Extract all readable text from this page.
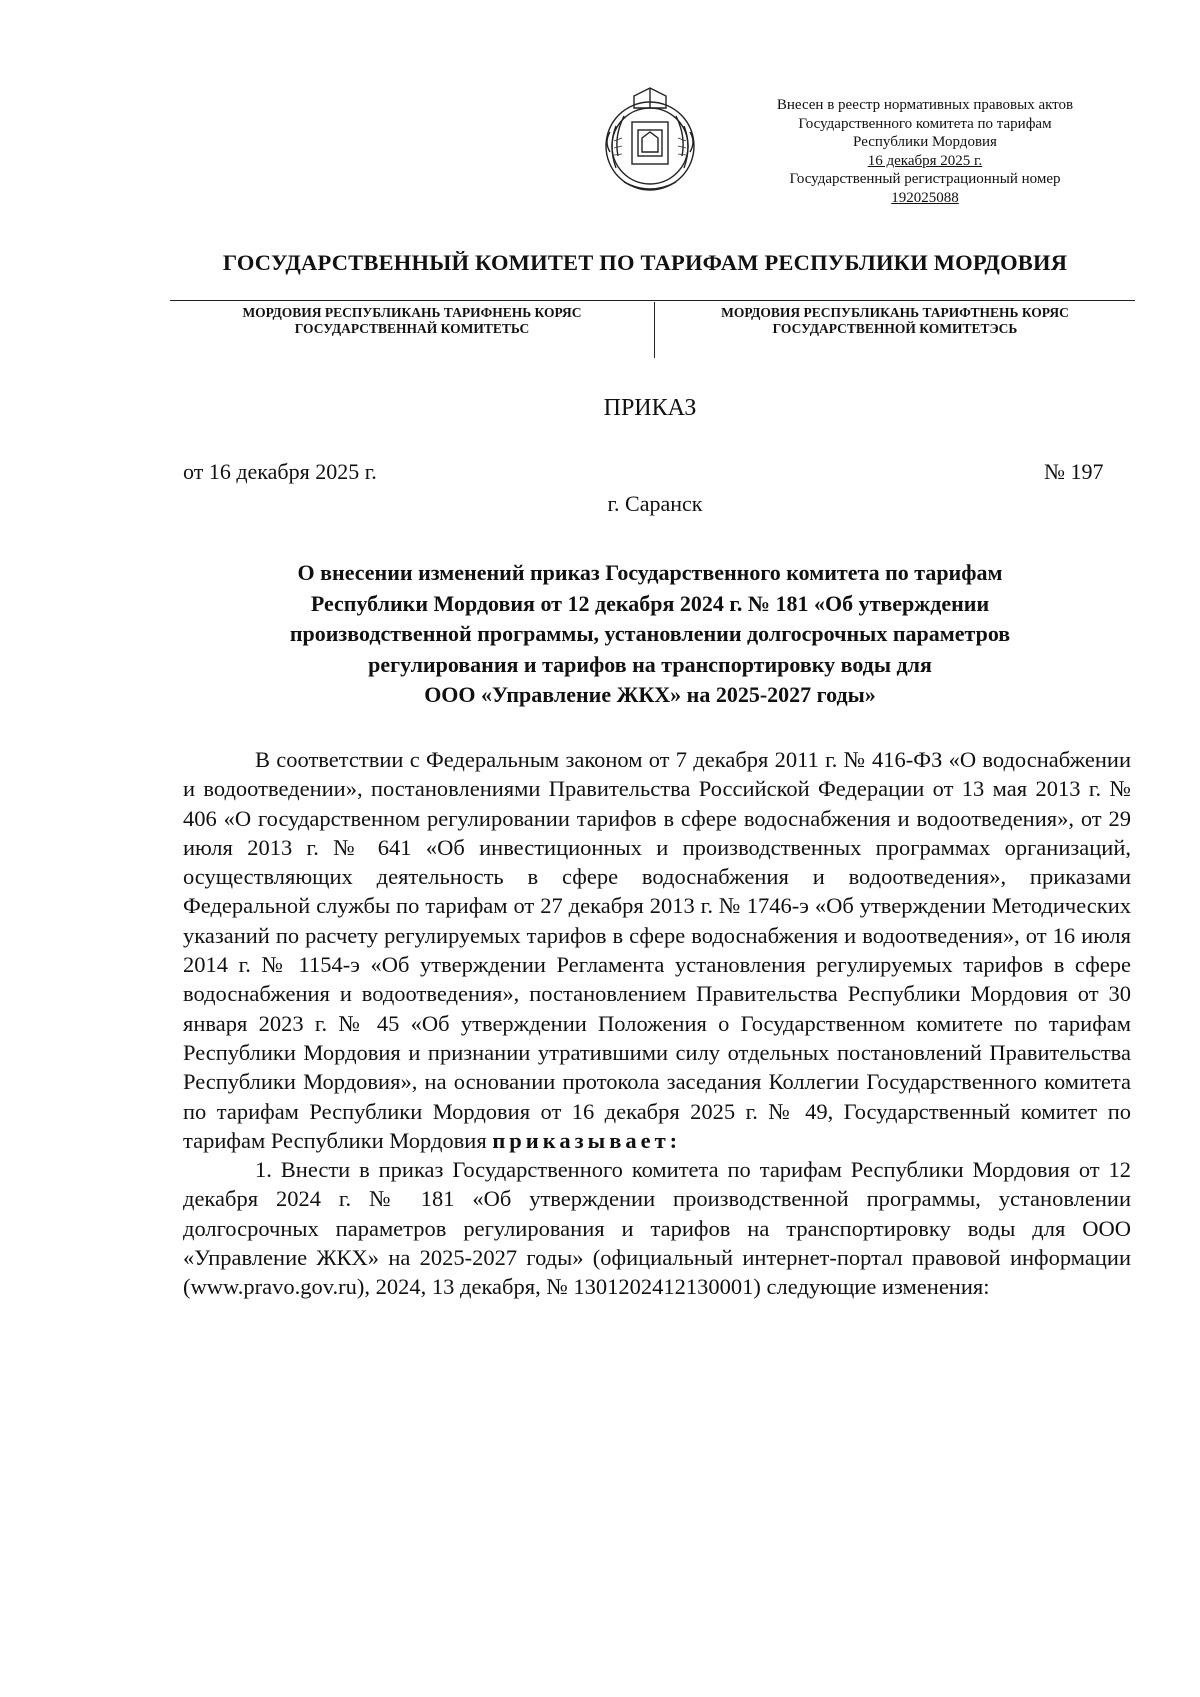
Внесен в реестр нормативных правовых актов
Государственного комитета по тарифам
Республики Мордовия
16 декабря 2025 г.
Государственный регистрационный номер
192025088
ГОСУДАРСТВЕННЫЙ КОМИТЕТ ПО ТАРИФАМ РЕСПУБЛИКИ МОРДОВИЯ
МОРДОВИЯ РЕСПУБЛИКАНЬ ТАРИФНЕНЬ КОРЯС
ГОСУДАРСТВЕННАЙ КОМИТЕТЬС
МОРДОВИЯ РЕСПУБЛИКАНЬ ТАРИФТНЕНЬ КОРЯС
ГОСУДАРСТВЕННОЙ КОМИТЕТЭСЬ
ПРИКАЗ
от 16 декабря 2025 г.	№ 197
г. Саранск
О внесении изменений приказ Государственного комитета по тарифам
Республики Мордовия от 12 декабря 2024 г. № 181 «Об утверждении
производственной программы, установлении долгосрочных параметров
регулирования и тарифов на транспортировку воды для
ООО «Управление ЖКХ» на 2025-2027 годы»

В соответствии с Федеральным законом от 7 декабря 2011 г. № 416-ФЗ «О водоснабжении и водоотведении», постановлениями Правительства Российской Федерации от 13 мая 2013 г. № 406 «О государственном регулировании тарифов в сфере водоснабжения и водоотведения», от 29 июля 2013 г. № 641 «Об инвестиционных и производственных программах организаций, осуществляющих деятельность в сфере водоснабжения и водоотведения», приказами Федеральной службы по тарифам от 27 декабря 2013 г. № 1746-э «Об утверждении Методических указаний по расчету регулируемых тарифов в сфере водоснабжения и водоотведения», от 16 июля 2014 г. № 1154-э «Об утверждении Регламента установления регулируемых тарифов в сфере водоснабжения и водоотведения», постановлением Правительства Республики Мордовия от 30 января 2023 г. № 45 «Об утверждении Положения о Государственном комитете по тарифам Республики Мордовия и признании утратившими силу отдельных постановлений Правительства Республики Мордовия», на основании протокола заседания Коллегии Государственного комитета по тарифам Республики Мордовия от 16 декабря 2025 г. № 49, Государственный комитет по тарифам Республики Мордовия приказывает:

1. Внести в приказ Государственного комитета по тарифам Республики Мордовия от 12 декабря 2024 г. № 181 «Об утверждении производственной программы, установлении долгосрочных параметров регулирования и тарифов на транспортировку воды для ООО «Управление ЖКХ» на 2025-2027 годы» (официальный интернет-портал правовой информации (www.pravo.gov.ru), 2024, 13 декабря, № 1301202412130001) следующие изменения:
